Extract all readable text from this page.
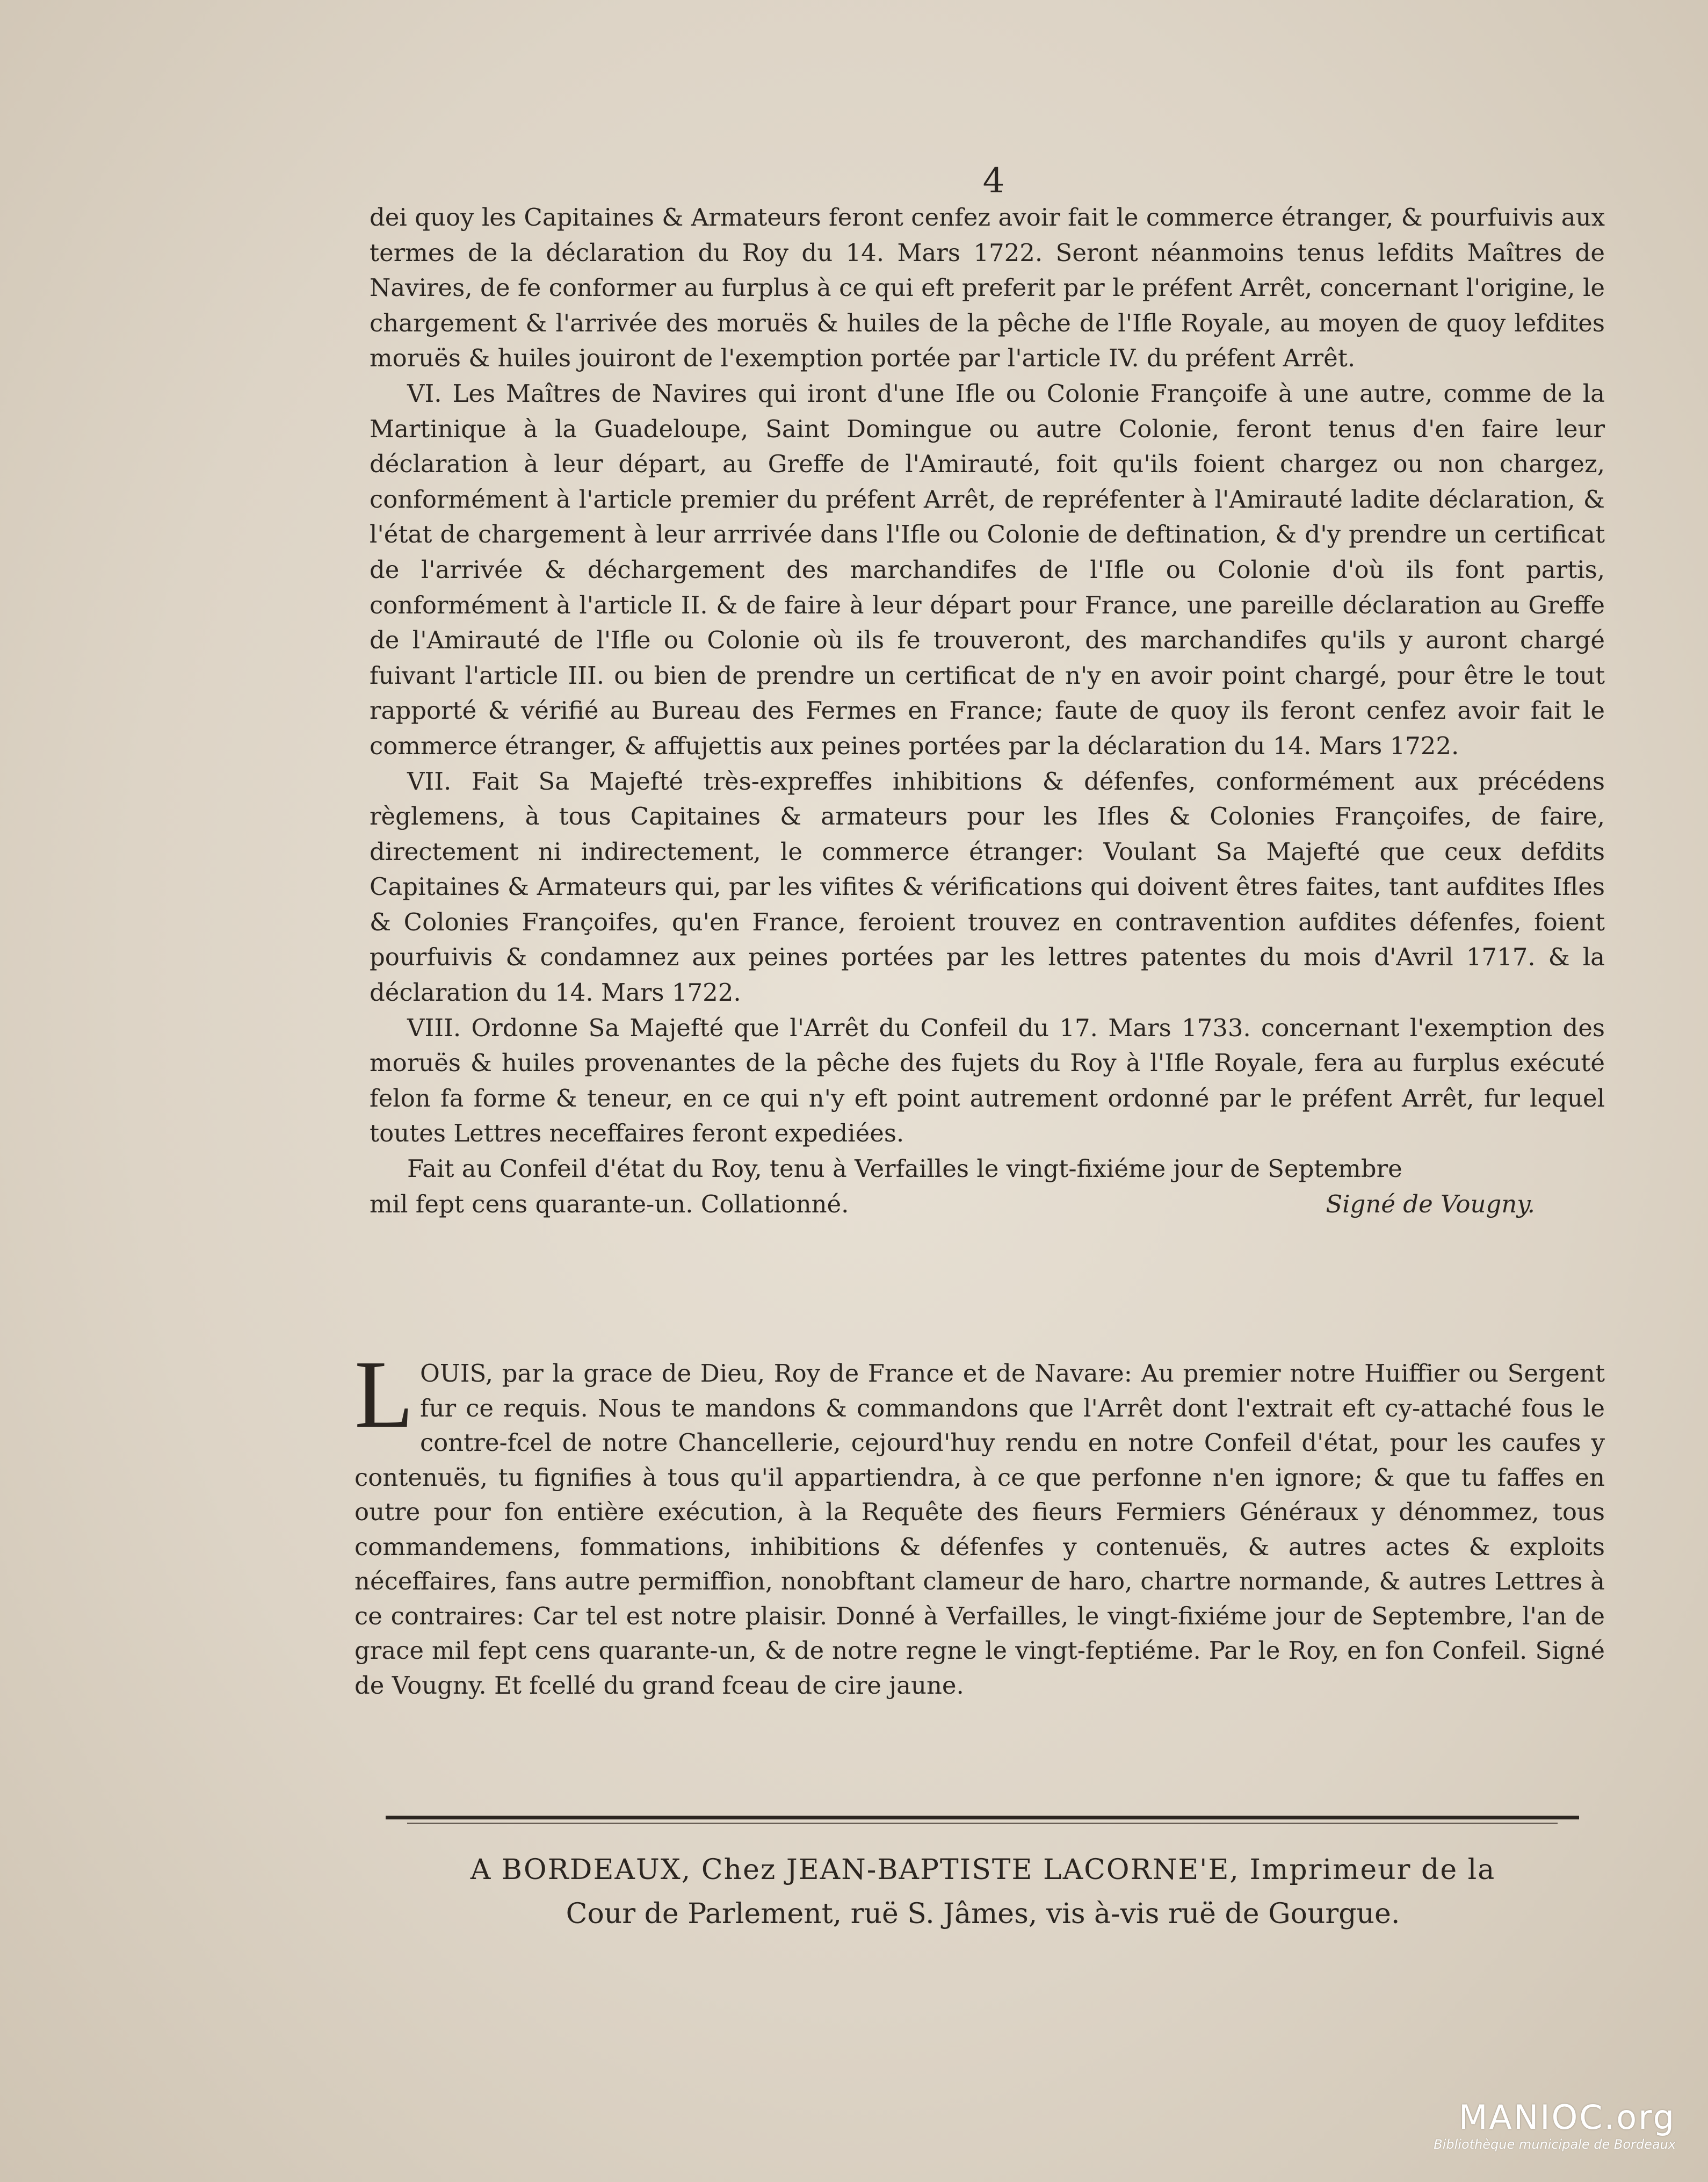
4

dei quoy les Capitaines & Armateurs feront cenfez avoir fait le commerce étranger, & pourfuivis aux termes de la déclaration du Roy du 14. Mars 1722. Seront néanmoins tenus lefdits Maîtres de Navires, de fe conformer au furplus à ce qui eft preferit par le préfent Arrêt, concernant l'origine, le chargement & l'arrivée des moruës & huiles de la pêche de l'Ifle Royale, au moyen de quoy lefdites moruës & huiles jouiront de l'exemption portée par l'article IV. du préfent Arrêt.

VI. Les Maîtres de Navires qui iront d'une Ifle ou Colonie Françoife à une autre, comme de la Martinique à la Guadeloupe, Saint Domingue ou autre Colonie, feront tenus d'en faire leur déclaration à leur départ, au Greffe de l'Amirauté, foit qu'ils foient chargez ou non chargez, conformément à l'article premier du préfent Arrêt, de repréfenter à l'Amirauté ladite déclaration, & l'état de chargement à leur arrrivée dans l'Ifle ou Colonie de deftination, & d'y prendre un certificat de l'arrivée & déchargement des marchandifes de l'Ifle ou Colonie d'où ils font partis, conformément à l'article II. & de faire à leur départ pour France, une pareille déclaration au Greffe de l'Amirauté de l'Ifle ou Colonie où ils fe trouveront, des marchandifes qu'ils y auront chargé fuivant l'article III. ou bien de prendre un certificat de n'y en avoir point chargé, pour être le tout rapporté & vérifié au Bureau des Fermes en France; faute de quoy ils feront cenfez avoir fait le commerce étranger, & affujettis aux peines portées par la déclaration du 14. Mars 1722.

VII. Fait Sa Majefté très-expreffes inhibitions & défenfes, conformément aux précédens règlemens, à tous Capitaines & armateurs pour les Ifles & Colonies Françoifes, de faire, directement ni indirectement, le commerce étranger: Voulant Sa Majefté que ceux defdits Capitaines & Armateurs qui, par les vifites & vérifications qui doivent êtres faites, tant aufdites Ifles & Colonies Françoifes, qu'en France, feroient trouvez en contravention aufdites défenfes, foient pourfuivis & condamnez aux peines portées par les lettres patentes du mois d'Avril 1717. & la déclaration du 14. Mars 1722.

VIII. Ordonne Sa Majefté que l'Arrêt du Confeil du 17. Mars 1733. concernant l'exemption des moruës & huiles provenantes de la pêche des fujets du Roy à l'Ifle Royale, fera au furplus exécuté felon fa forme & teneur, en ce qui n'y eft point autrement ordonné par le préfent Arrêt, fur lequel toutes Lettres neceffaires feront expediées.

Fait au Confeil d'état du Roy, tenu à Verfailles le vingt-fixiéme jour de Septembre

mil fept cens quarante-un. Collationné.	Signé de Vougny.
L OUIS, par la grace de Dieu, Roy de France et de Navare: Au premier notre Huiffier ou Sergent fur ce requis. Nous te mandons & commandons que l'Arrêt dont l'extrait eft cy-attaché fous le contre-fcel de notre Chancellerie, cejourd'huy rendu en notre Confeil d'état, pour les caufes y contenuës, tu fignifies à tous qu'il appartiendra, à ce que perfonne n'en ignore; & que tu faffes en outre pour fon entière exécution, à la Requête des fieurs Fermiers Généraux y dénommez, tous commandemens, fommations, inhibitions & défenfes y contenuës, & autres actes & exploits néceffaires, fans autre permiffion, nonobftant clameur de haro, chartre normande, & autres Lettres à ce contraires: Car tel est notre plaisir. Donné à Verfailles, le vingt-fixiéme jour de Septembre, l'an de grace mil fept cens quarante-un, & de notre regne le vingt-feptiéme. Par le Roy, en fon Confeil. Signé de Vougny. Et fcellé du grand fceau de cire jaune.

A BORDEAUX, Chez JEAN-BAPTISTE LACORNE'E, Imprimeur de la
Cour de Parlement, ruë S. Jâmes, vis à-vis ruë de Gourgue.
MANIOC.org
Bibliothèque municipale de Bordeaux
